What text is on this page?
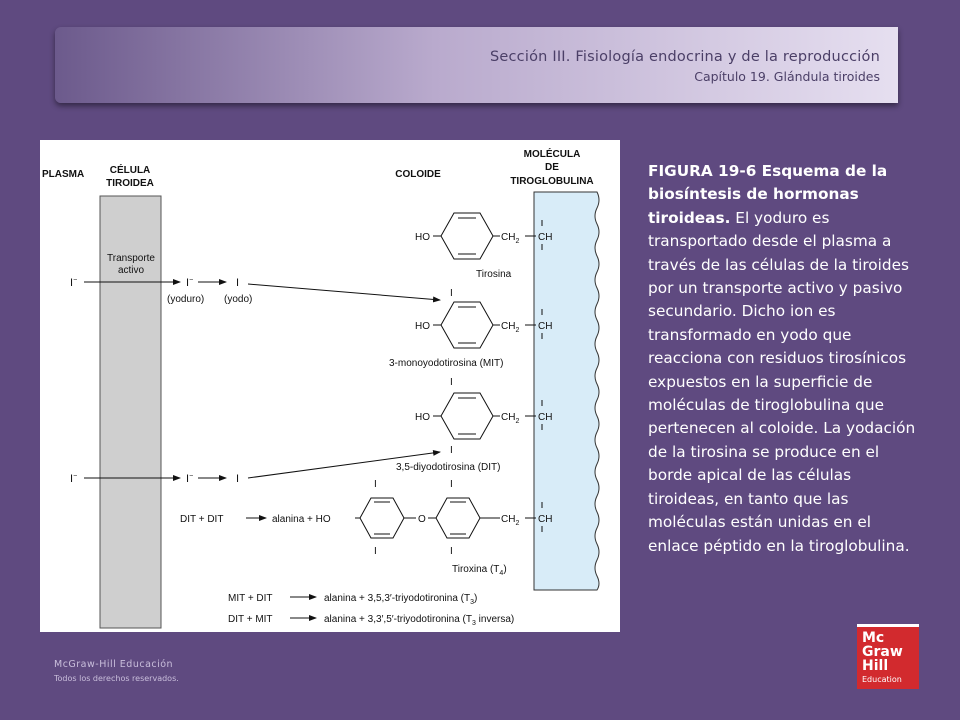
Sección III. Fisiología endocrina y de la reproducción
Capítulo 19. Glándula tiroides
PLASMA	CÉLULA
TIROIDEA
COLOIDE
MOLÉCULA
DE
TIROGLOBULINA
Transporte
activo
I−	I−	I
(yoduro) (yodo)
I−	I−	I
HO	$CH_2$ CH
Tirosina
I
HO	$CH_2$ CH
3-monoyodotirosina (MIT)
I
HO	$CH_2$ CH
I
3,5-diyodotirosina (DIT)
DIT + DIT	alanina + HO
I	I
O	$CH_2$ CH
I	I
Tiroxina $(T_4)$
MIT + DIT	alanina + 3,5,3′-triyodotironina $(T_3)$
DIT + MIT	alanina + 3,3′,5′-triyodotironina ($T_3$ inversa)
FIGURA 19-6 Esquema de la biosíntesis de hormonas tiroideas. El yoduro es transportado desde el plasma a través de las células de la tiroides por un transporte activo y pasivo secundario. Dicho ion es transformado en yodo que reacciona con residuos tirosínicos expuestos en la superficie de moléculas de tiroglobulina que pertenecen al coloide. La yodación de la tirosina se produce en el borde apical de las células tiroideas, en tanto que las moléculas están unidas en el enlace péptido en la tiroglobulina.
McGraw-Hill Educación
Todos los derechos reservados.
Mc
Graw
Hill
Education
